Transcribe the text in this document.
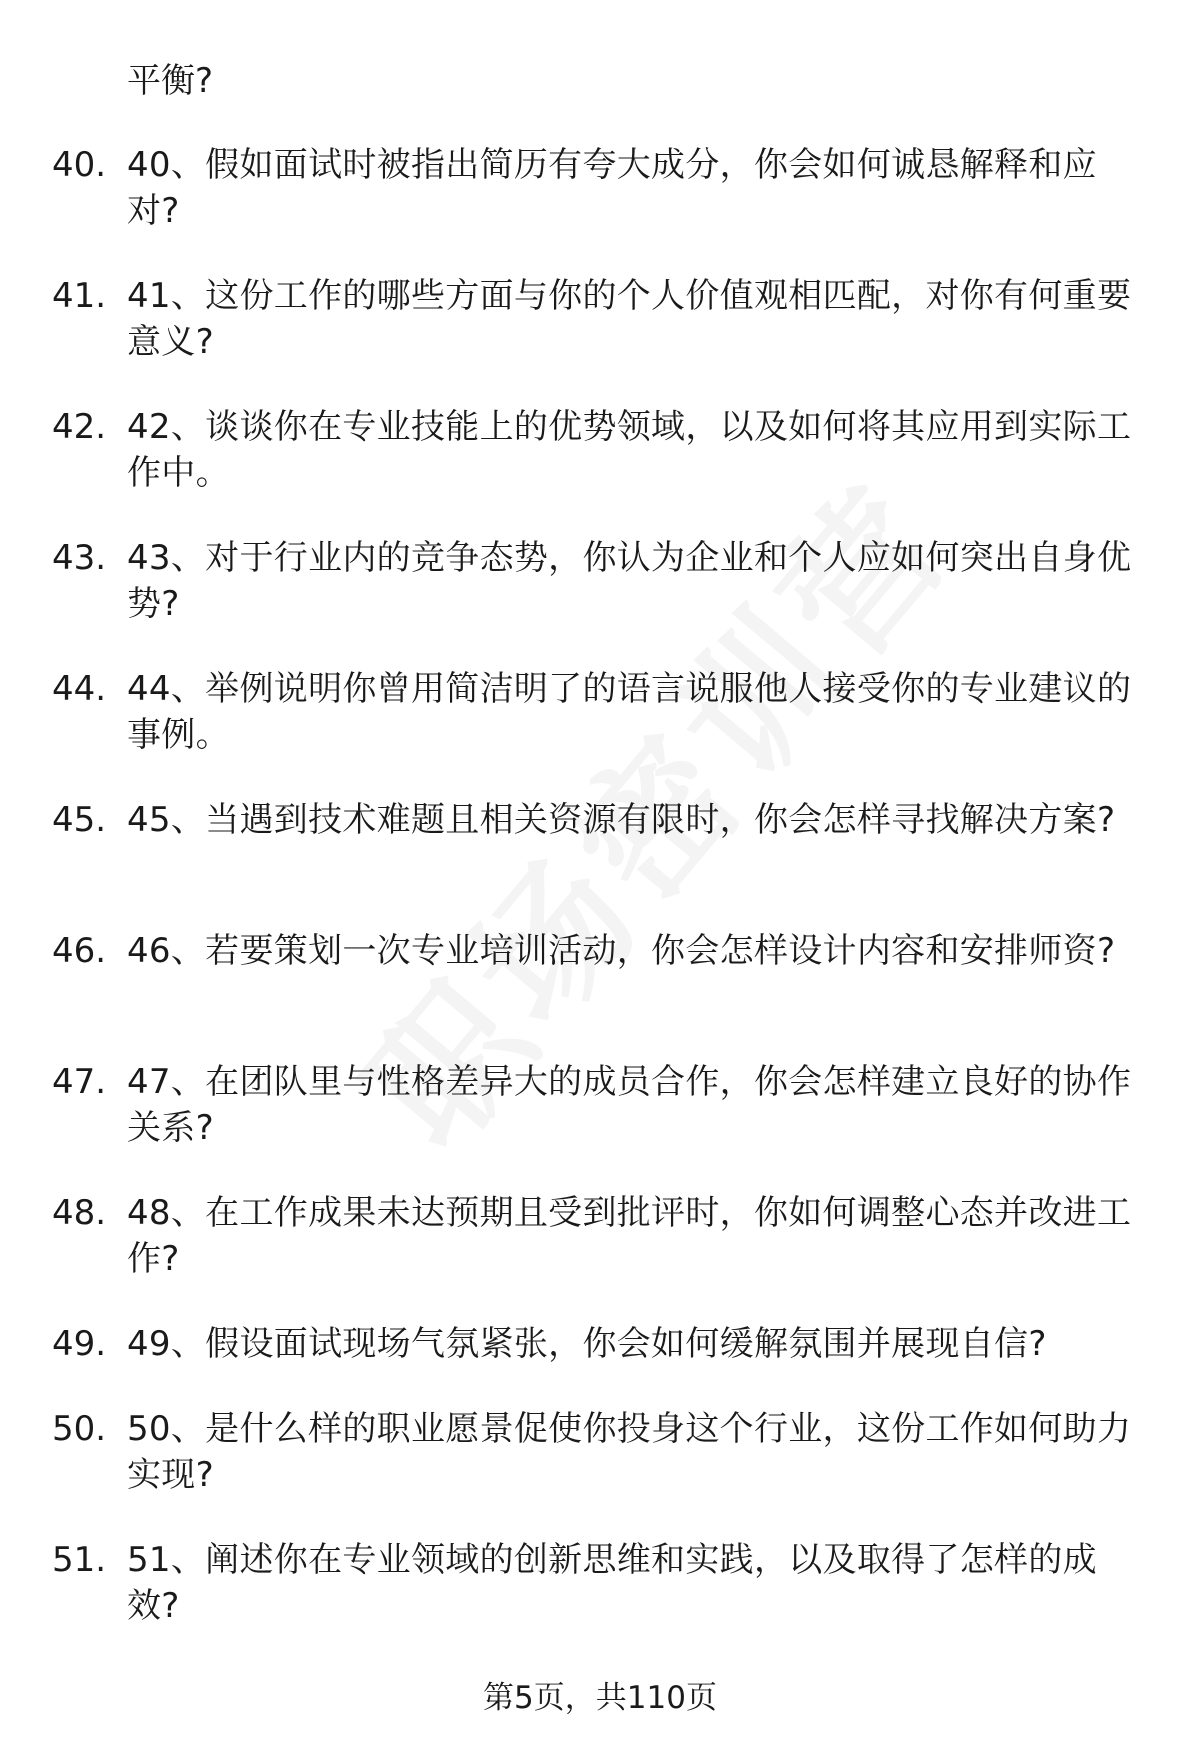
平衡?
40. 40、假如面试时被指出简历有夸大成分，你会如何诚恳解释和应对?
41. 41、这份工作的哪些方面与你的个人价值观相匹配，对你有何重要意义?
42. 42、谈谈你在专业技能上的优势领域，以及如何将其应用到实际工作中。
43. 43、对于行业内的竞争态势，你认为企业和个人应如何突出自身优势?
44. 44、举例说明你曾用简洁明了的语言说服他人接受你的专业建议的事例。
45. 45、当遇到技术难题且相关资源有限时，你会怎样寻找解决方案?
46. 46、若要策划一次专业培训活动，你会怎样设计内容和安排师资?
47. 47、在团队里与性格差异大的成员合作，你会怎样建立良好的协作关系?
48. 48、在工作成果未达预期且受到批评时，你如何调整心态并改进工作?
49. 49、假设面试现场气氛紧张，你会如何缓解氛围并展现自信?
50. 50、是什么样的职业愿景促使你投身这个行业，这份工作如何助力实现?
51. 51、阐述你在专业领域的创新思维和实践，以及取得了怎样的成效?
第5页，共110页
